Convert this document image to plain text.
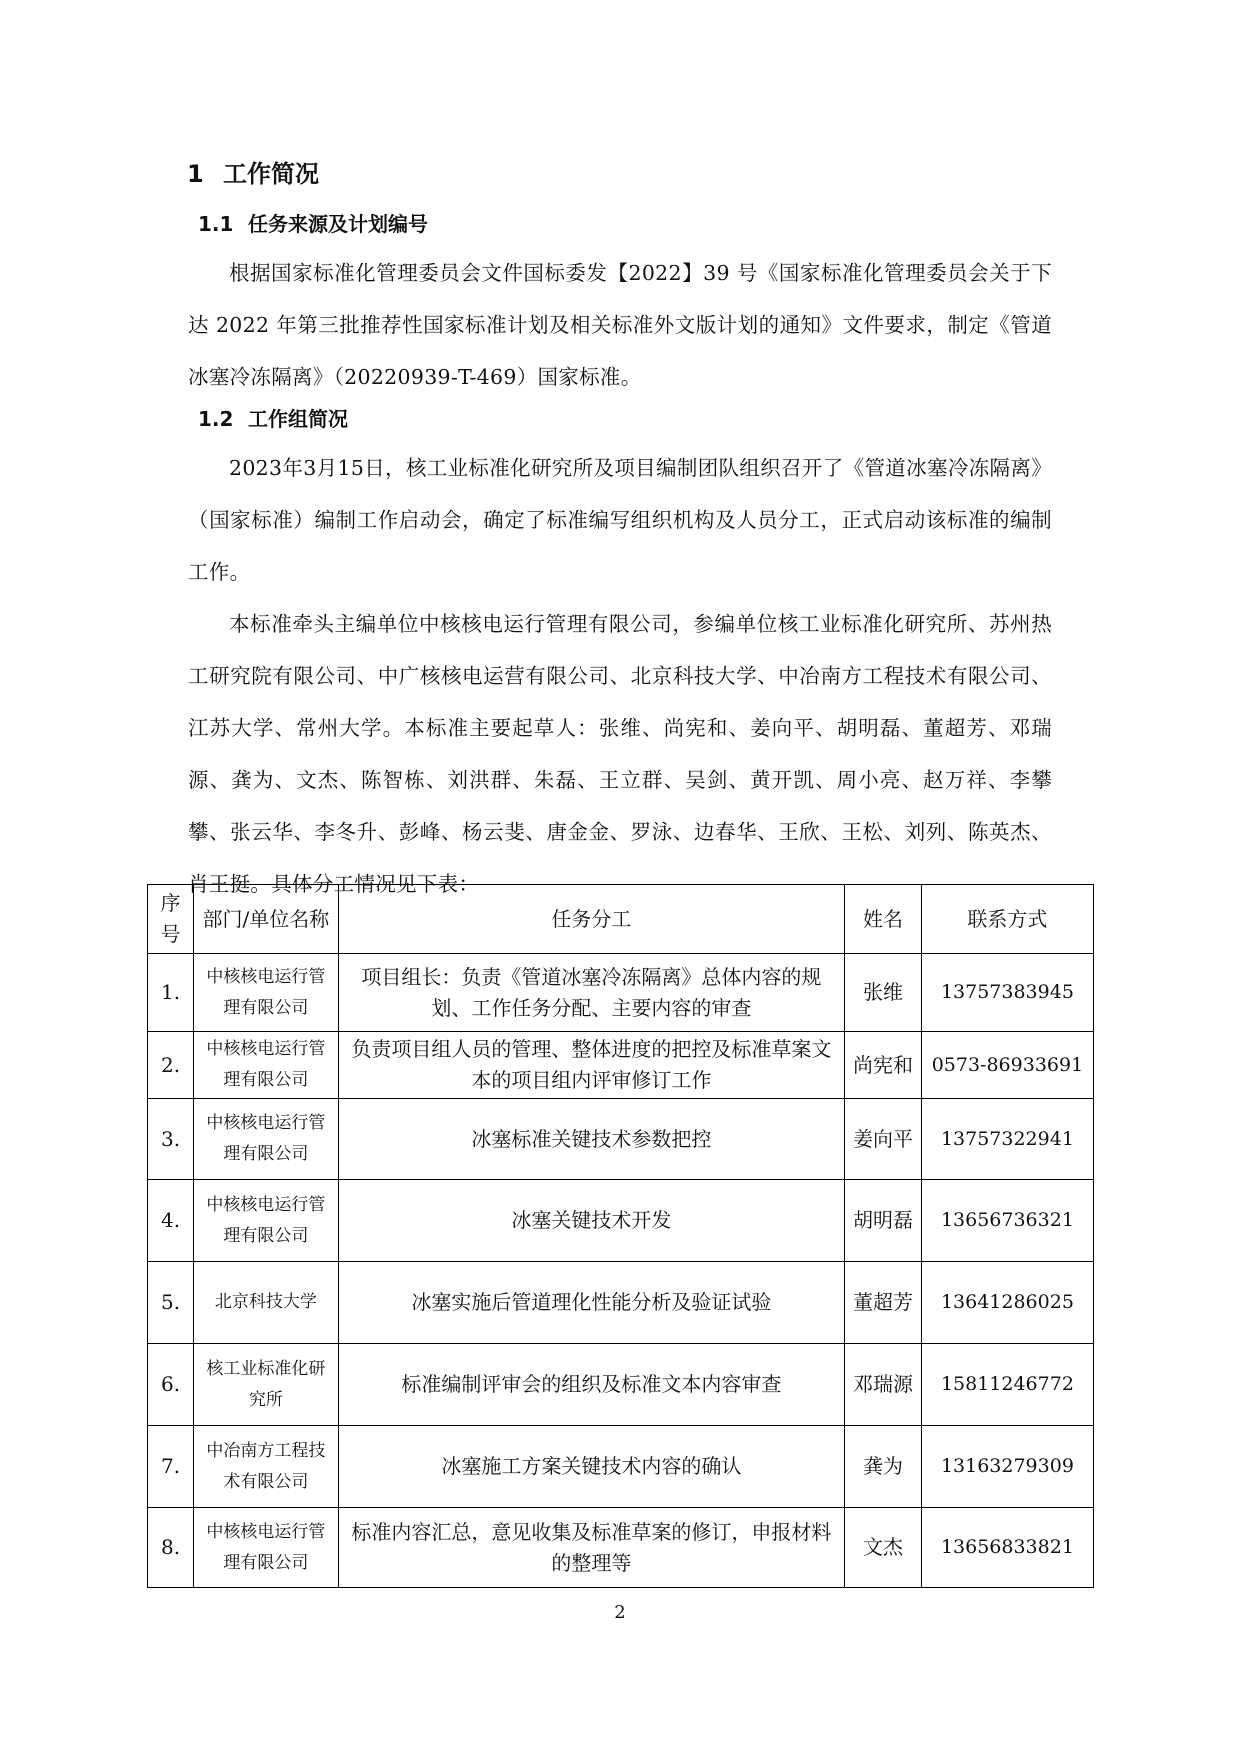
1 工作简况
1.1 任务来源及计划编号
根据国家标准化管理委员会文件国标委发【2022】39 号《国家标准化管理委员会关于下达 2022 年第三批推荐性国家标准计划及相关标准外文版计划的通知》文件要求，制定《管道冰塞冷冻隔离》（20220939-T-469）国家标准。
1.2 工作组简况
2023年3月15日，核工业标准化研究所及项目编制团队组织召开了《管道冰塞冷冻隔离》（国家标准）编制工作启动会，确定了标准编写组织机构及人员分工，正式启动该标准的编制工作。
本标准牵头主编单位中核核电运行管理有限公司，参编单位核工业标准化研究所、苏州热工研究院有限公司、中广核核电运营有限公司、北京科技大学、中冶南方工程技术有限公司、江苏大学、常州大学。本标准主要起草人：张维、尚宪和、姜向平、胡明磊、董超芳、邓瑞源、龚为、文杰、陈智栋、刘洪群、朱磊、王立群、吴剑、黄开凯、周小亮、赵万祥、李攀攀、张云华、李冬升、彭峰、杨云斐、唐金金、罗泳、边春华、王欣、王松、刘列、陈英杰、肖王挺。具体分工情况见下表：
序号	部门/单位名称	任务分工	姓名	联系方式
1.	中核核电运行管理有限公司	项目组长：负责《管道冰塞冷冻隔离》总体内容的规划、工作任务分配、主要内容的审查	张维	13757383945
2.	中核核电运行管理有限公司	负责项目组人员的管理、整体进度的把控及标准草案文本的项目组内评审修订工作	尚宪和	0573-86933691
3.	中核核电运行管理有限公司	冰塞标准关键技术参数把控	姜向平	13757322941
4.	中核核电运行管理有限公司	冰塞关键技术开发	胡明磊	13656736321
5.	北京科技大学	冰塞实施后管道理化性能分析及验证试验	董超芳	13641286025
6.	核工业标准化研究所	标准编制评审会的组织及标准文本内容审查	邓瑞源	15811246772
7.	中冶南方工程技术有限公司	冰塞施工方案关键技术内容的确认	龚为	13163279309
8.	中核核电运行管理有限公司	标准内容汇总，意见收集及标准草案的修订，申报材料的整理等	文杰	13656833821
2
